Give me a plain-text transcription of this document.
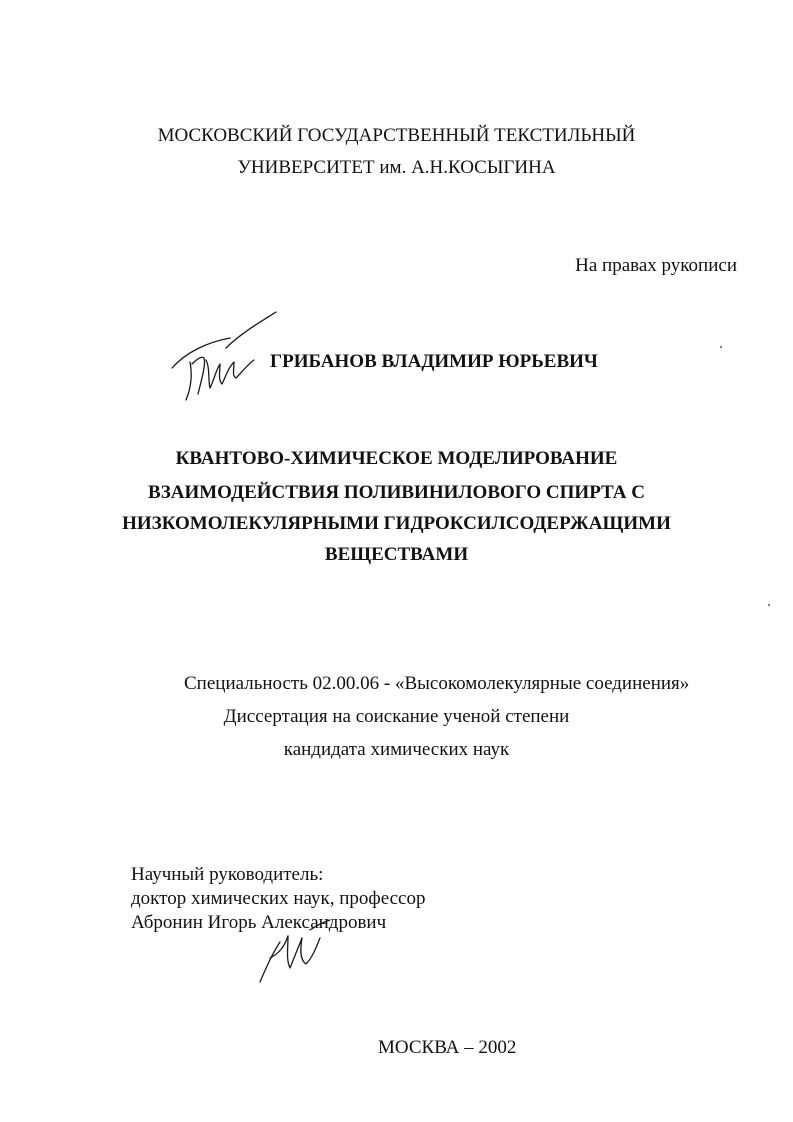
МОСКОВСКИЙ ГОСУДАРСТВЕННЫЙ ТЕКСТИЛЬНЫЙ
УНИВЕРСИТЕТ им. А.Н.КОСЫГИНА
На правах рукописи
ГРИБАНОВ ВЛАДИМИР ЮРЬЕВИЧ
КВАНТОВО-ХИМИЧЕСКОЕ МОДЕЛИРОВАНИЕ
ВЗАИМОДЕЙСТВИЯ ПОЛИВИНИЛОВОГО СПИРТА С
НИЗКОМОЛЕКУЛЯРНЫМИ ГИДРОКСИЛСОДЕРЖАЩИМИ
ВЕЩЕСТВАМИ
Специальность 02.00.06 - «Высокомолекулярные соединения»
Диссертация на соискание ученой степени
кандидата химических наук
Научный руководитель:
доктор химических наук, профессор
Абронин Игорь Александрович
МОСКВА – 2002
